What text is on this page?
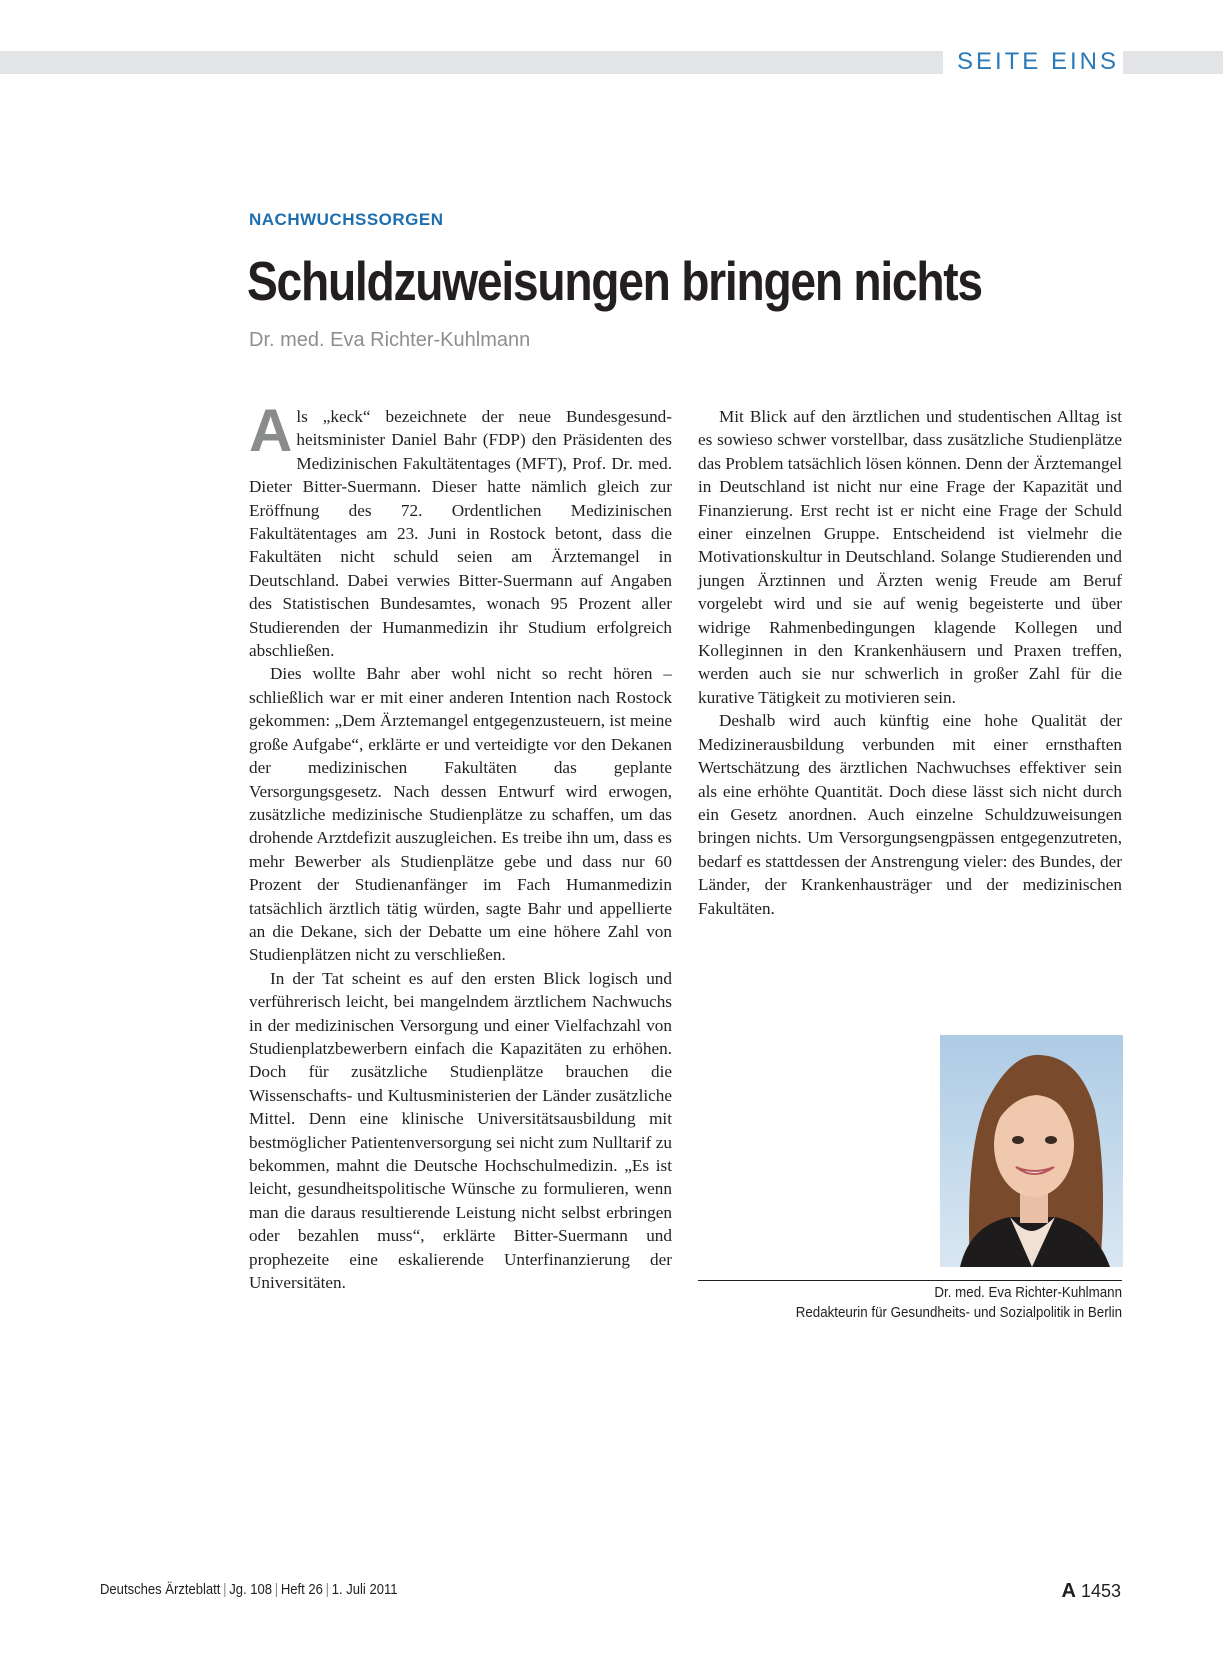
SEITE EINS
NACHWUCHSSORGEN
Schuldzuweisungen bringen nichts
Dr. med. Eva Richter-Kuhlmann

Als „keck“ bezeichnete der neue Bundesgesundheitsminister Daniel Bahr (FDP) den Präsidenten des Medizinischen Fakultätentages (MFT), Prof. Dr. med. Dieter Bitter-Suermann. Dieser hatte nämlich gleich zur Eröffnung des 72. Ordentlichen Medizinischen Fakultätentages am 23. Juni in Rostock betont, dass die Fakultäten nicht schuld seien am Ärztemangel in Deutschland. Dabei verwies Bitter-Suermann auf Angaben des Statistischen Bundesamtes, wonach 95 Prozent aller Studierenden der Humanmedizin ihr Studium erfolgreich abschließen.

Dies wollte Bahr aber wohl nicht so recht hören – schließlich war er mit einer anderen Intention nach Rostock gekommen: „Dem Ärztemangel entgegenzusteuern, ist meine große Aufgabe“, erklärte er und verteidigte vor den Dekanen der medizinischen Fakultäten das geplante Versorgungsgesetz. Nach dessen Entwurf wird erwogen, zusätzliche medizinische Studienplätze zu schaffen, um das drohende Arztdefizit auszugleichen. Es treibe ihn um, dass es mehr Bewerber als Studienplätze gebe und dass nur 60 Prozent der Studienanfänger im Fach Humanmedizin tatsächlich ärztlich tätig würden, sagte Bahr und appellierte an die Dekane, sich der Debatte um eine höhere Zahl von Studienplätzen nicht zu verschließen.

In der Tat scheint es auf den ersten Blick logisch und verführerisch leicht, bei mangelndem ärztlichem Nachwuchs in der medizinischen Versorgung und einer Vielfachzahl von Studienplatzbewerbern einfach die Kapazitäten zu erhöhen. Doch für zusätzliche Studienplätze brauchen die Wissenschafts- und Kultusministerien der Länder zusätzliche Mittel. Denn eine klinische Universitätsausbildung mit bestmöglicher Patientenversorgung sei nicht zum Nulltarif zu bekommen, mahnt die Deutsche Hochschulmedizin. „Es ist leicht, gesundheitspolitische Wünsche zu formulieren, wenn man die daraus resultierende Leistung nicht selbst erbringen oder bezahlen muss“, erklärte Bitter-Suermann und prophezeite eine eskalierende Unterfinanzierung der Universitäten.

Mit Blick auf den ärztlichen und studentischen Alltag ist es sowieso schwer vorstellbar, dass zusätzliche Studienplätze das Problem tatsächlich lösen können. Denn der Ärztemangel in Deutschland ist nicht nur eine Frage der Kapazität und Finanzierung. Erst recht ist er nicht eine Frage der Schuld einer einzelnen Gruppe. Entscheidend ist vielmehr die Motivationskultur in Deutschland. Solange Studierenden und jungen Ärztinnen und Ärzten wenig Freude am Beruf vorgelebt wird und sie auf wenig begeisterte und über widrige Rahmenbedingungen klagende Kollegen und Kolleginnen in den Krankenhäusern und Praxen treffen, werden auch sie nur schwerlich in großer Zahl für die kurative Tätigkeit zu motivieren sein.

Deshalb wird auch künftig eine hohe Qualität der Medizinerausbildung verbunden mit einer ernsthaften Wertschätzung des ärztlichen Nachwuchses effektiver sein als eine erhöhte Quantität. Doch diese lässt sich nicht durch ein Gesetz anordnen. Auch einzelne Schuldzuweisungen bringen nichts. Um Versorgungsengpässen entgegenzutreten, bedarf es stattdessen der Anstrengung vieler: des Bundes, der Länder, der Krankenhausträger und der medizinischen Fakultäten.

Dr. med. Eva Richter-Kuhlmann
Redakteurin für Gesundheits- und Sozialpolitik in Berlin
Deutsches Ärzteblatt | Jg. 108 | Heft 26 | 1. Juli 2011	A 1453
